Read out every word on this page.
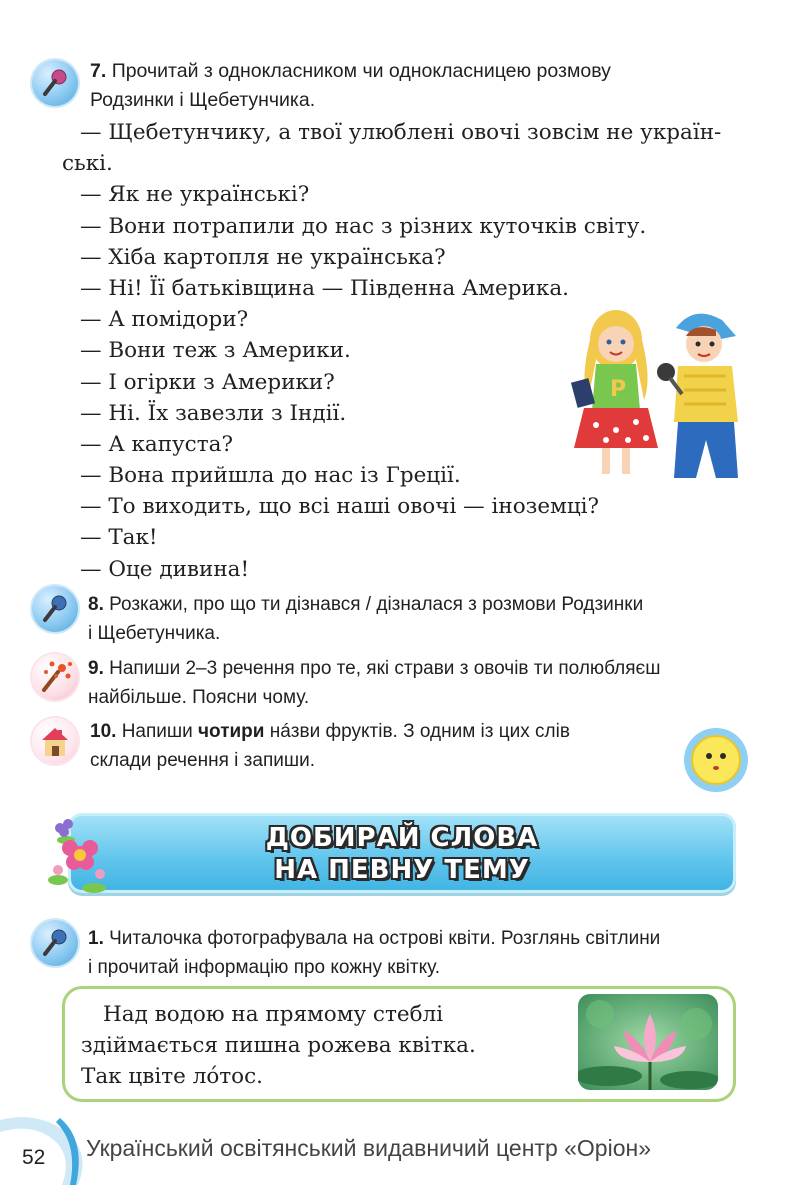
7. Прочитай з однокласником чи однокласницею розмову
Родзинки і Щебетунчика.
— Щебетунчику, а твої улюблені овочі зовсім не україн-
ські.
— Як не українські?
— Вони потрапили до нас з різних куточків світу.
— Хіба картопля не українська?
— Ні! Її батьківщина — Південна Америка.
— А помідори?
— Вони теж з Америки.
— І огірки з Америки?
— Ні. Їх завезли з Індії.
— А капуста?
— Вона прийшла до нас із Греції.
— То виходить, що всі наші овочі — іноземці?
— Так!
— Оце дивина!
P
8. Розкажи, про що ти дізнався / дізналася з розмови Родзинки
і Щебетунчика.
9. Напиши 2–3 речення про те, які страви з овочів ти полюбляєш
найбільше. Поясни чому.
10. Напиши чотири нáзви фруктів. З одним із цих слів
склади речення і запиши.
ДОБИРАЙ СЛОВА
НА ПЕВНУ ТЕМУ
1. Читалочка фотографувала на острові квіти. Розглянь світлини
і прочитай інформацію про кожну квітку.
Над водою на прямому стеблі
здіймається пишна рожева квітка.
Так цвіте ло́тос.
52 Український освітянський видавничий центр «Оріон»
